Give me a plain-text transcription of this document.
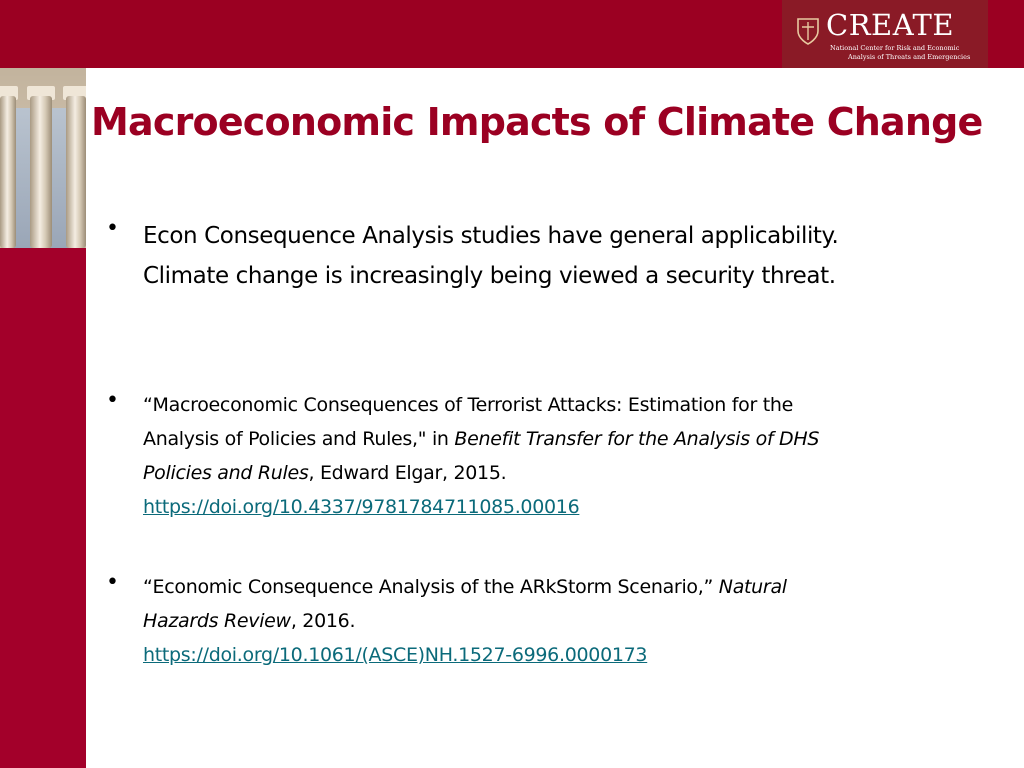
CREATE
National Center for Risk and Economic
Analysis of Threats and Emergencies
Macroeconomic Impacts of Climate Change
• Econ Consequence Analysis studies have general applicability.
Climate change is increasingly being viewed a security threat.
• “Macroeconomic Consequences of Terrorist Attacks: Estimation for the
Analysis of Policies and Rules," in Benefit Transfer for the Analysis of DHS
Policies and Rules, Edward Elgar, 2015.
https://doi.org/10.4337/9781784711085.00016
• “Economic Consequence Analysis of the ARkStorm Scenario,” Natural
Hazards Review, 2016.
https://doi.org/10.1061/(ASCE)NH.1527-6996.0000173
